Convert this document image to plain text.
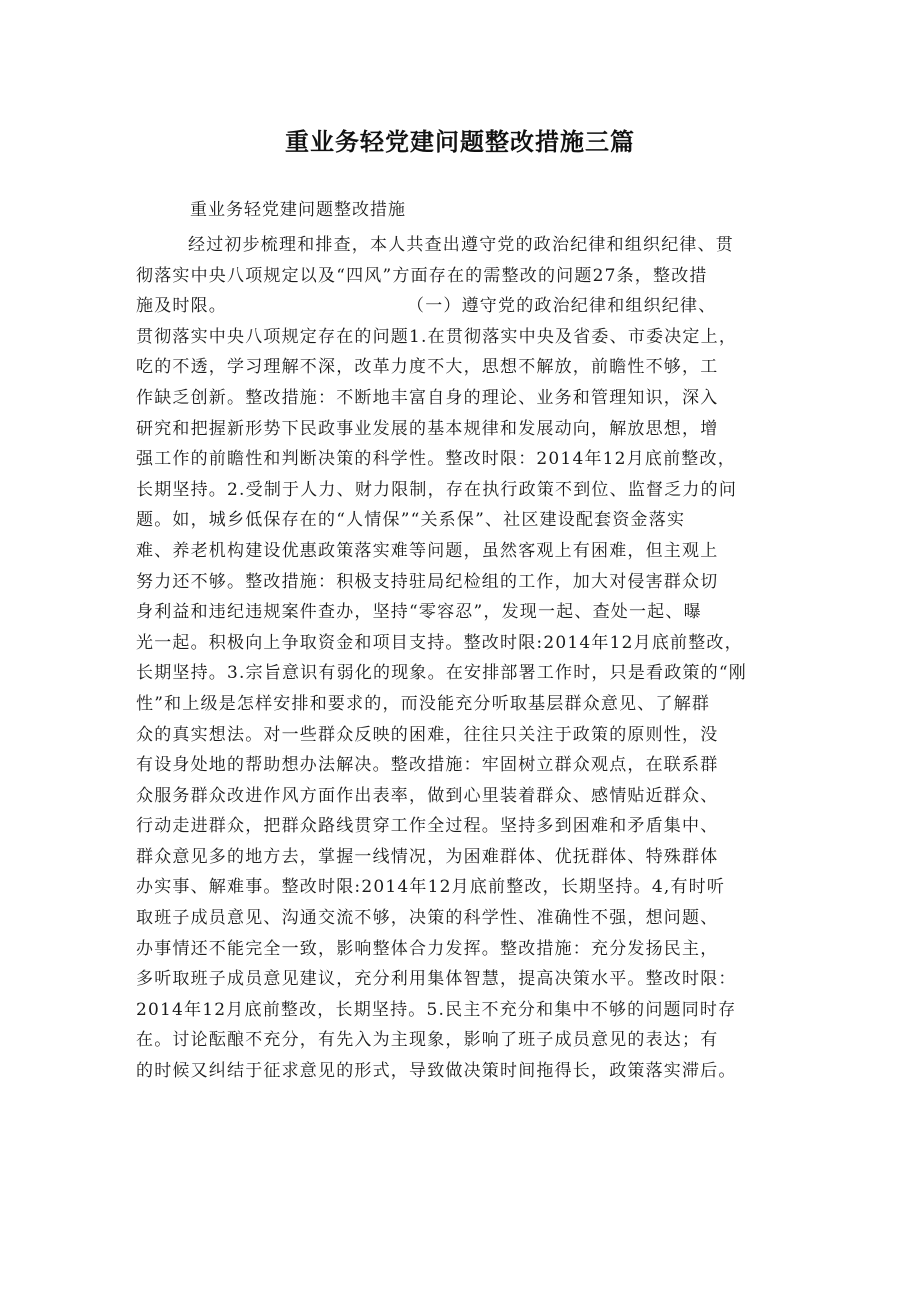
重业务轻党建问题整改措施三篇
重业务轻党建问题整改措施
经过初步梳理和排查，本人共查出遵守党的政治纪律和组织纪律、贯
彻落实中央八项规定以及“四风”方面存在的需整改的问题27条，整改措
施及时限。	（一）遵守党的政治纪律和组织纪律、
贯彻落实中央八项规定存在的问题1.在贯彻落实中央及省委、市委决定上，
吃的不透，学习理解不深，改革力度不大，思想不解放，前瞻性不够，工
作缺乏创新。整改措施：不断地丰富自身的理论、业务和管理知识，深入
研究和把握新形势下民政事业发展的基本规律和发展动向，解放思想，增
强工作的前瞻性和判断决策的科学性。整改时限：2014年12月底前整改，
长期坚持。2.受制于人力、财力限制，存在执行政策不到位、监督乏力的问
题。如，城乡低保存在的“人情保”“关系保”、社区建设配套资金落实
难、养老机构建设优惠政策落实难等问题，虽然客观上有困难，但主观上
努力还不够。整改措施：积极支持驻局纪检组的工作，加大对侵害群众切
身利益和违纪违规案件查办，坚持“零容忍”，发现一起、查处一起、曝
光一起。积极向上争取资金和项目支持。整改时限:2014年12月底前整改，
长期坚持。3.宗旨意识有弱化的现象。在安排部署工作时，只是看政策的“刚
性”和上级是怎样安排和要求的，而没能充分听取基层群众意见、了解群
众的真实想法。对一些群众反映的困难，往往只关注于政策的原则性，没
有设身处地的帮助想办法解决。整改措施：牢固树立群众观点，在联系群
众服务群众改进作风方面作出表率，做到心里装着群众、感情贴近群众、
行动走进群众，把群众路线贯穿工作全过程。坚持多到困难和矛盾集中、
群众意见多的地方去，掌握一线情况，为困难群体、优抚群体、特殊群体
办实事、解难事。整改时限:2014年12月底前整改，长期坚持。4,有时听
取班子成员意见、沟通交流不够，决策的科学性、准确性不强，想问题、
办事情还不能完全一致，影响整体合力发挥。整改措施：充分发扬民主，
多听取班子成员意见建议，充分利用集体智慧，提高决策水平。整改时限：
2014年12月底前整改，长期坚持。5.民主不充分和集中不够的问题同时存
在。讨论酝酿不充分，有先入为主现象，影响了班子成员意见的表达；有
的时候又纠结于征求意见的形式，导致做决策时间拖得长，政策落实滞后。
